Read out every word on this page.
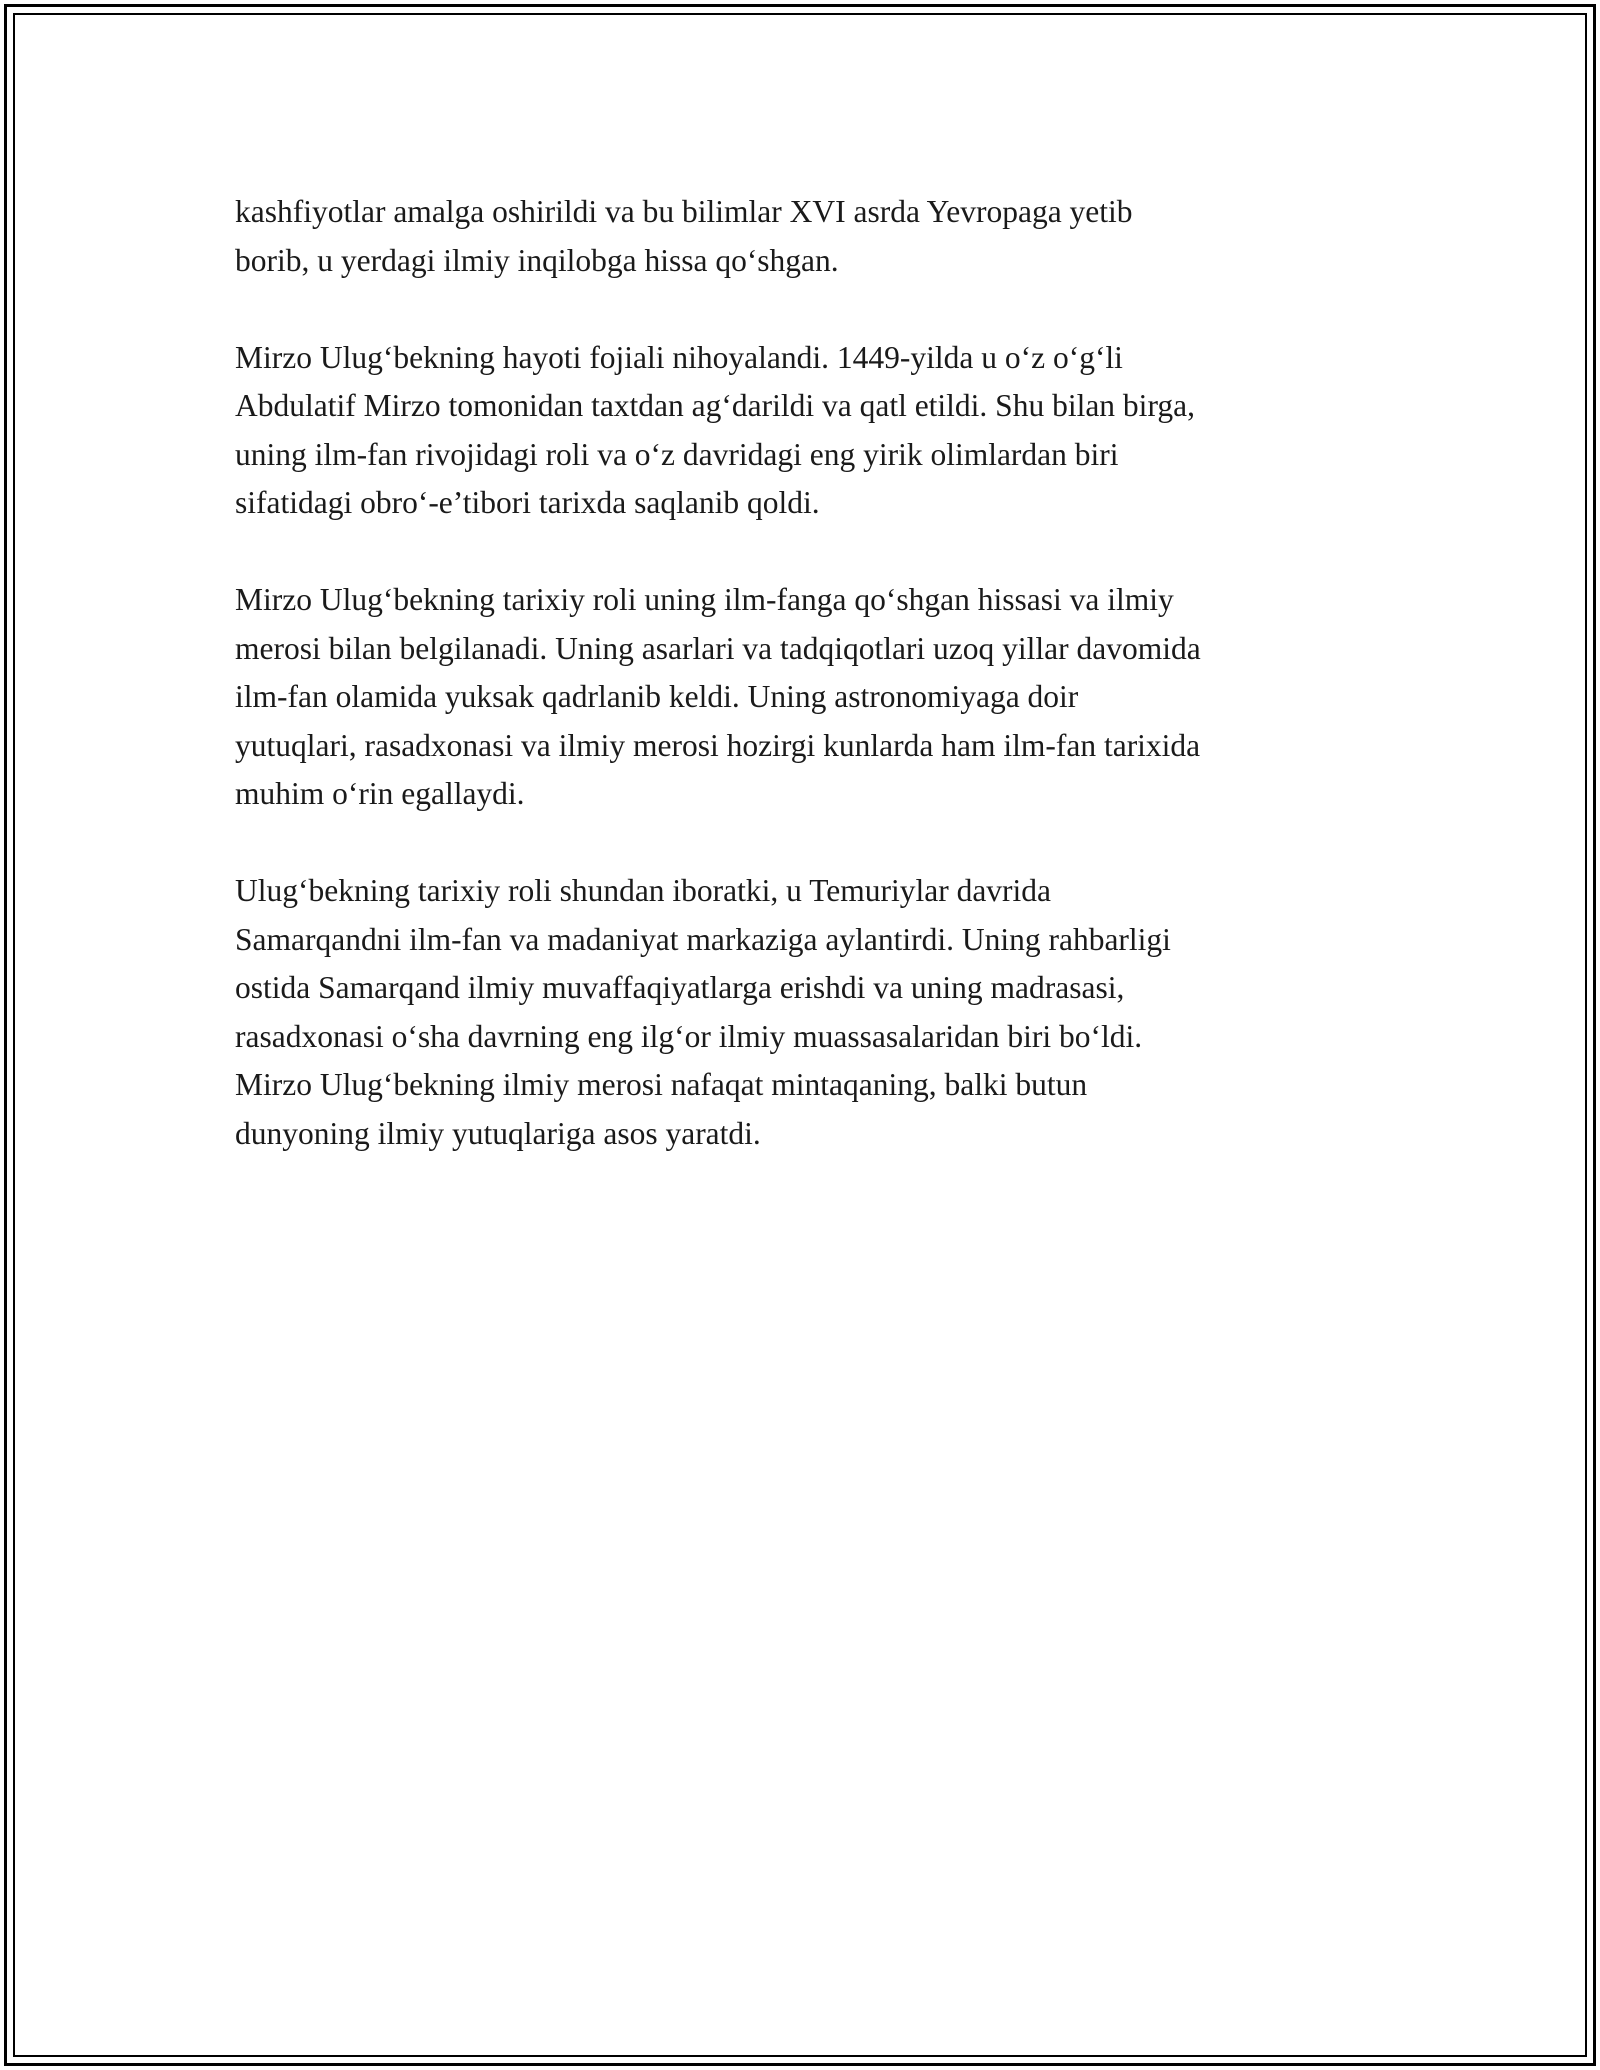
kashfiyotlar amalga oshirildi va bu bilimlar XVI asrda Yevropaga yetib
borib, u yerdagi ilmiy inqilobga hissa qo‘shgan.

Mirzo Ulug‘bekning hayoti fojiali nihoyalandi. 1449-yilda u o‘z o‘g‘li
Abdulatif Mirzo tomonidan taxtdan ag‘darildi va qatl etildi. Shu bilan birga,
uning ilm-fan rivojidagi roli va o‘z davridagi eng yirik olimlardan biri
sifatidagi obro‘-e’tibori tarixda saqlanib qoldi.

Mirzo Ulug‘bekning tarixiy roli uning ilm-fanga qo‘shgan hissasi va ilmiy
merosi bilan belgilanadi. Uning asarlari va tadqiqotlari uzoq yillar davomida
ilm-fan olamida yuksak qadrlanib keldi. Uning astronomiyaga doir
yutuqlari, rasadxonasi va ilmiy merosi hozirgi kunlarda ham ilm-fan tarixida
muhim o‘rin egallaydi.

Ulug‘bekning tarixiy roli shundan iboratki, u Temuriylar davrida
Samarqandni ilm-fan va madaniyat markaziga aylantirdi. Uning rahbarligi
ostida Samarqand ilmiy muvaffaqiyatlarga erishdi va uning madrasasi,
rasadxonasi o‘sha davrning eng ilg‘or ilmiy muassasalaridan biri bo‘ldi.
Mirzo Ulug‘bekning ilmiy merosi nafaqat mintaqaning, balki butun
dunyoning ilmiy yutuqlariga asos yaratdi.
